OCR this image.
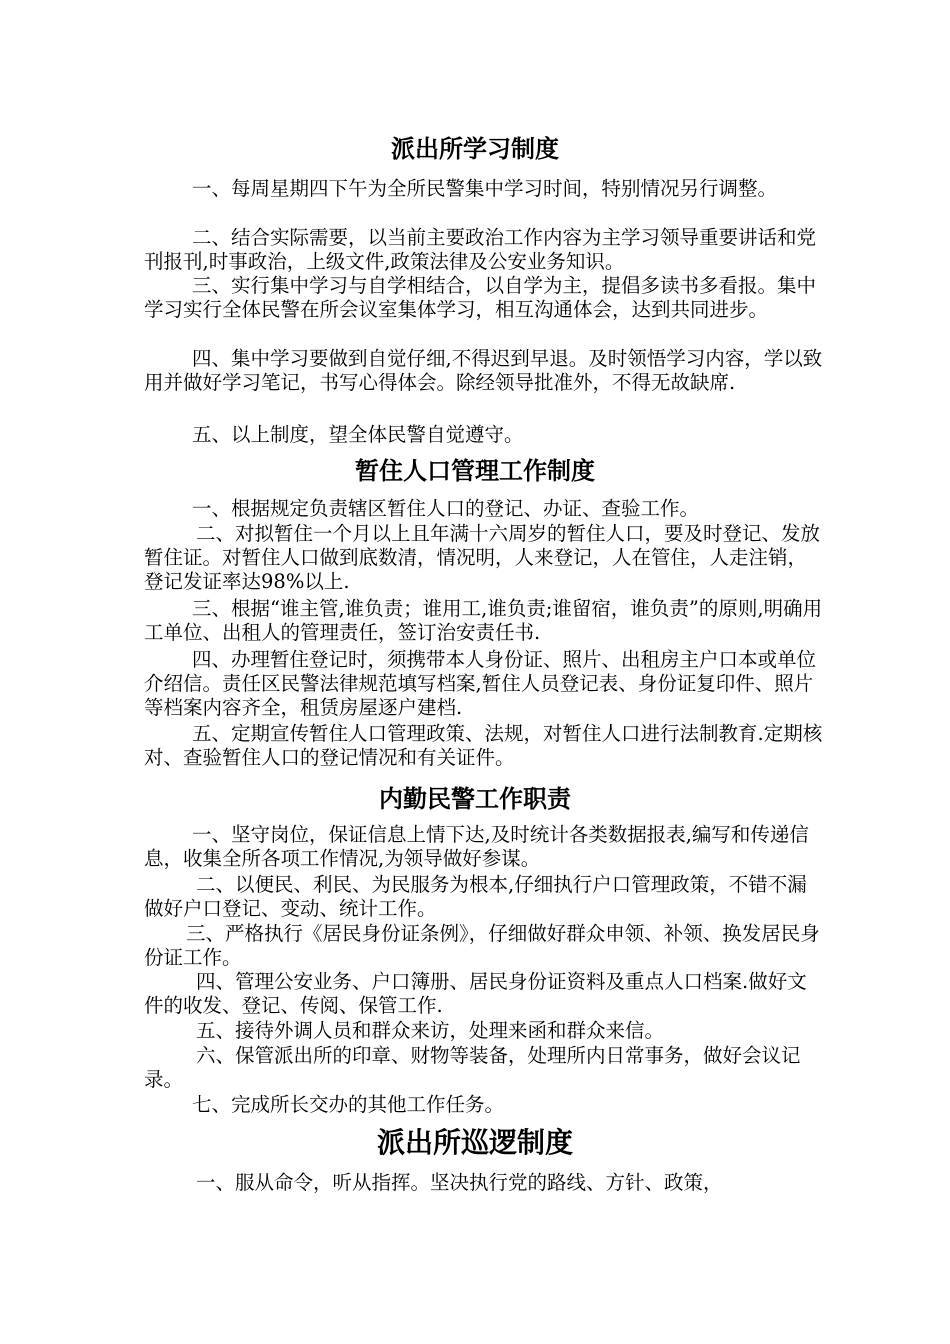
派出所学习制度

一、每周星期四下午为全所民警集中学习时间，特别情况另行调整。

二、结合实际需要，以当前主要政治工作内容为主学习领导重要讲话和党刊报刊,时事政治，上级文件,政策法律及公安业务知识。

三、实行集中学习与自学相结合，以自学为主，提倡多读书多看报。集中学习实行全体民警在所会议室集体学习，相互沟通体会，达到共同进步。

四、集中学习要做到自觉仔细,不得迟到早退。及时领悟学习内容，学以致用并做好学习笔记，书写心得体会。除经领导批准外，不得无故缺席.

五、以上制度，望全体民警自觉遵守。

暂住人口管理工作制度

一、根据规定负责辖区暂住人口的登记、办证、查验工作。

二、对拟暂住一个月以上且年满十六周岁的暂住人口，要及时登记、发放暂住证。对暂住人口做到底数清，情况明，人来登记，人在管住，人走注销，登记发证率达98%以上.

三、根据“谁主管,谁负责；谁用工,谁负责;谁留宿，谁负责”的原则,明确用工单位、出租人的管理责任，签订治安责任书.

四、办理暂住登记时，须携带本人身份证、照片、出租房主户口本或单位介绍信。责任区民警法律规范填写档案,暂住人员登记表、身份证复印件、照片等档案内容齐全，租赁房屋逐户建档.

五、定期宣传暂住人口管理政策、法规，对暂住人口进行法制教育.定期核对、查验暂住人口的登记情况和有关证件。

内勤民警工作职责

一、坚守岗位，保证信息上情下达,及时统计各类数据报表,编写和传递信息，收集全所各项工作情况,为领导做好参谋。

二、以便民、利民、为民服务为根本,仔细执行户口管理政策，不错不漏做好户口登记、变动、统计工作。

三、严格执行《居民身份证条例》，仔细做好群众申领、补领、换发居民身份证工作。

四、管理公安业务、户口簿册、居民身份证资料及重点人口档案.做好文件的收发、登记、传阅、保管工作.

五、接待外调人员和群众来访，处理来函和群众来信。

六、保管派出所的印章、财物等装备，处理所内日常事务，做好会议记录。

七、完成所长交办的其他工作任务。

派出所巡逻制度

一、服从命令，听从指挥。坚决执行党的路线、方针、政策，
